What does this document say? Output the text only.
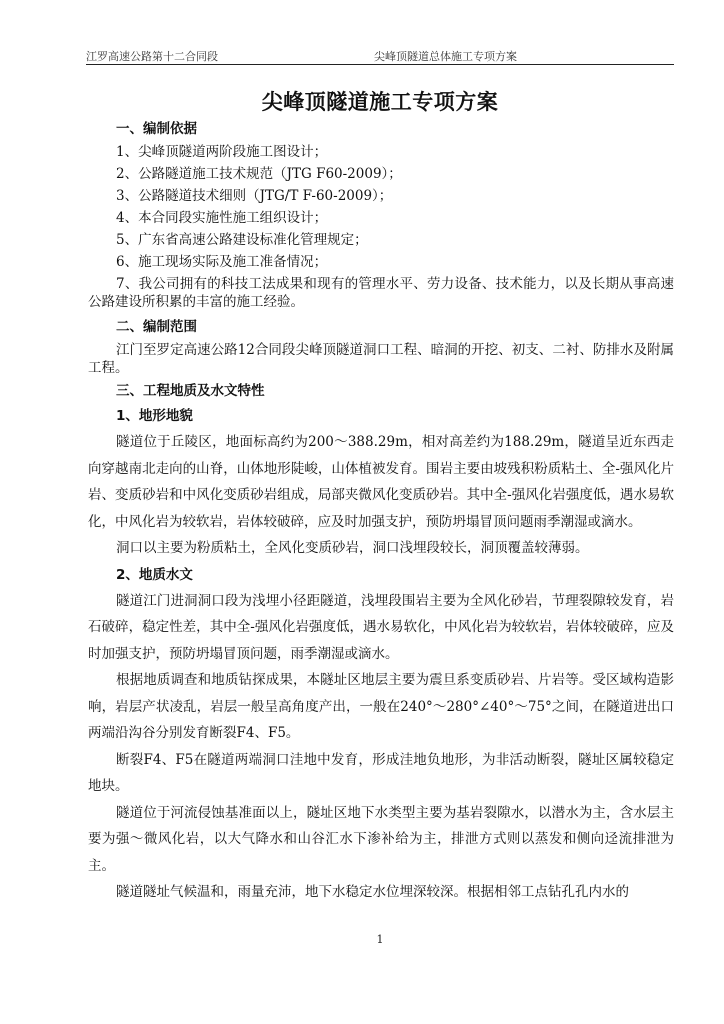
江罗高速公路第十二合同段	尖峰顶隧道总体施工专项方案
尖峰顶隧道施工专项方案
一、编制依据
1、尖峰顶隧道两阶段施工图设计；
2、公路隧道施工技术规范（JTG F60-2009）；
3、公路隧道技术细则（JTG/T F-60-2009）；
4、本合同段实施性施工组织设计；
5、广东省高速公路建设标准化管理规定；
6、施工现场实际及施工准备情况；
7、我公司拥有的科技工法成果和现有的管理水平、劳力设备、技术能力，以及长期从事高速公路建设所积累的丰富的施工经验。
二、编制范围
江门至罗定高速公路12合同段尖峰顶隧道洞口工程、暗洞的开挖、初支、二衬、防排水及附属工程。
三、工程地质及水文特性
1、地形地貌
隧道位于丘陵区，地面标高约为200～388.29m，相对高差约为188.29m，隧道呈近东西走向穿越南北走向的山脊，山体地形陡峻，山体植被发育。围岩主要由坡残积粉质粘土、全-强风化片岩、变质砂岩和中风化变质砂岩组成，局部夹微风化变质砂岩。其中全-强风化岩强度低，遇水易软化，中风化岩为较软岩，岩体较破碎，应及时加强支护，预防坍塌冒顶问题雨季潮湿或滴水。
洞口以主要为粉质粘土，全风化变质砂岩，洞口浅埋段较长，洞顶覆盖较薄弱。
2、地质水文
隧道江门进洞洞口段为浅埋小径距隧道，浅埋段围岩主要为全风化砂岩，节理裂隙较发育，岩石破碎，稳定性差，其中全-强风化岩强度低，遇水易软化，中风化岩为较软岩，岩体较破碎，应及时加强支护，预防坍塌冒顶问题，雨季潮湿或滴水。
根据地质调查和地质钻探成果，本隧址区地层主要为震旦系变质砂岩、片岩等。受区域构造影响，岩层产状凌乱，岩层一般呈高角度产出，一般在240°～280°∠40°～75°之间，在隧道进出口两端沿沟谷分别发育断裂F4、F5。
断裂F4、F5在隧道两端洞口洼地中发育，形成洼地负地形，为非活动断裂，隧址区属较稳定地块。
隧道位于河流侵蚀基准面以上，隧址区地下水类型主要为基岩裂隙水，以潜水为主，含水层主要为强～微风化岩，以大气降水和山谷汇水下渗补给为主，排泄方式则以蒸发和侧向迳流排泄为主。
隧道隧址气候温和，雨量充沛，地下水稳定水位埋深较深。根据相邻工点钻孔孔内水的
1
